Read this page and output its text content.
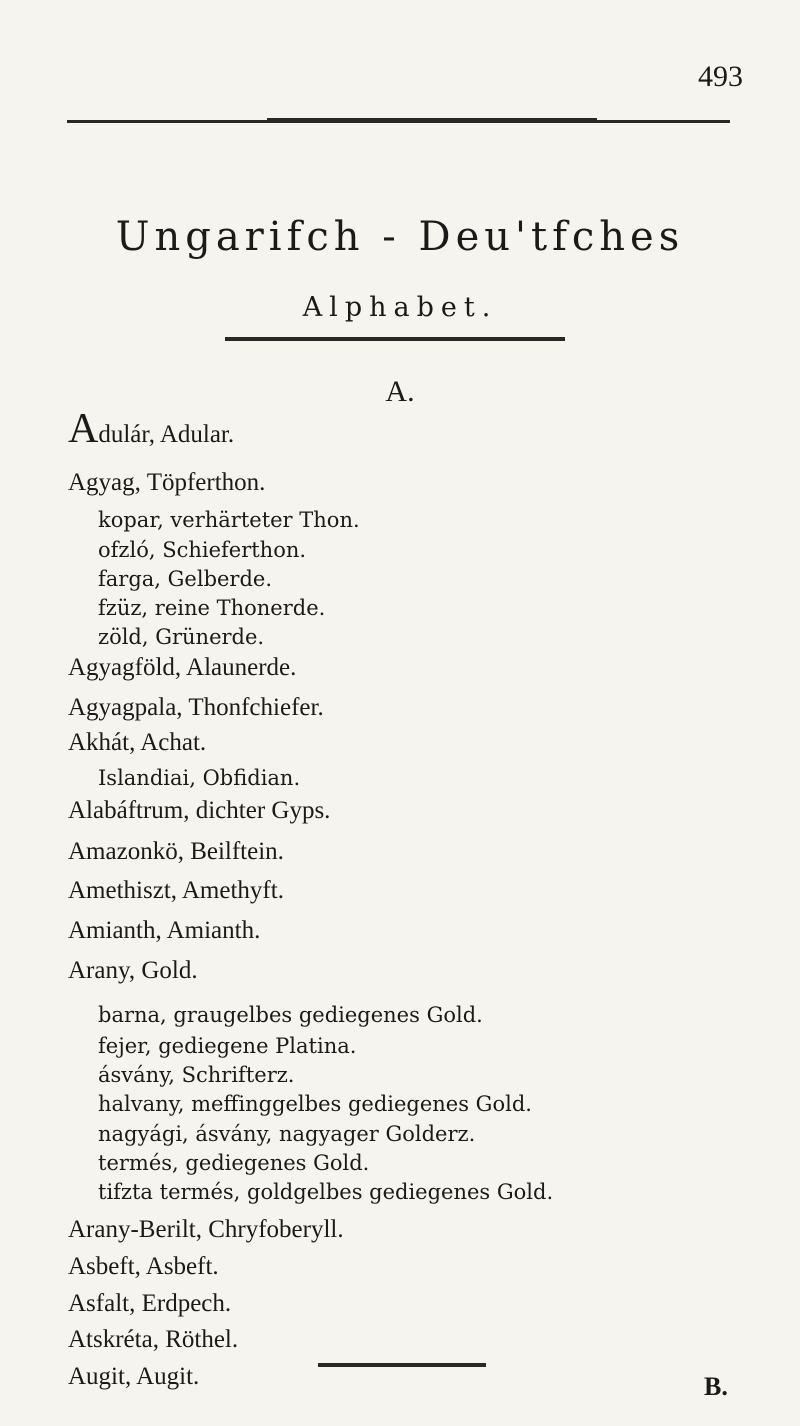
493
Ungarifch - Deu'tfches
Alphabet.
A.
Adulár, Adular.
Agyag, Töpferthon.
kopar, verhärteter Thon.
ofzló, Schieferthon.
farga, Gelberde.
fzüz, reine Thonerde.
zöld, Grünerde.
Agyagföld, Alaunerde.
Agyagpala, Thonfchiefer.
Akhát, Achat.
Islandiai, Obfidian.
Alabáftrum, dichter Gyps.
Amazonkö, Beilftein.
Amethiszt, Amethyft.
Amianth, Amianth.
Arany, Gold.
barna, graugelbes gediegenes Gold.
fejer, gediegene Platina.
ásvány, Schrifterz.
halvany, meffinggelbes gediegenes Gold.
nagyági, ásvány, nagyager Golderz.
termés, gediegenes Gold.
tifzta termés, goldgelbes gediegenes Gold.
Arany-Berilt, Chryfoberyll.
Asbeft, Asbeft.
Asfalt, Erdpech.
Atskréta, Röthel.
Augit, Augit.	B.
